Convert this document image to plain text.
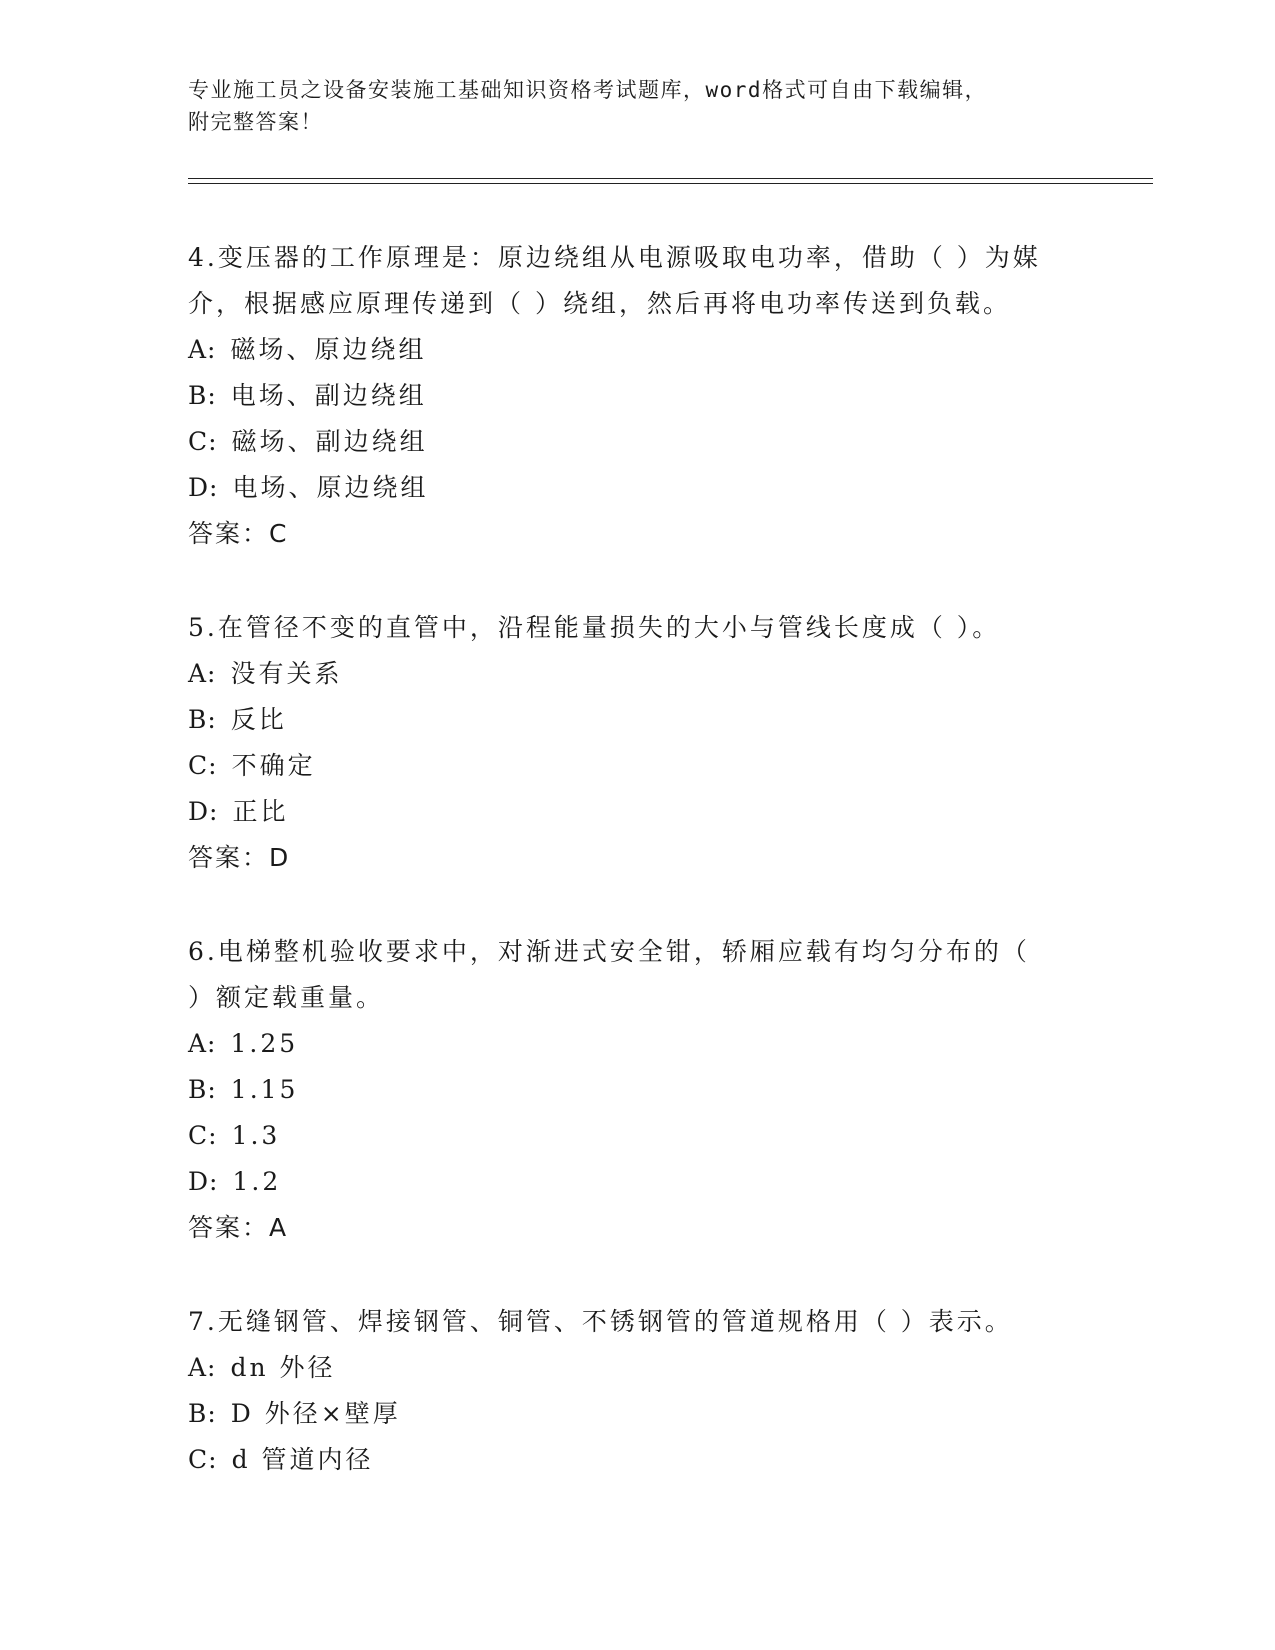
专业施工员之设备安装施工基础知识资格考试题库，word格式可自由下载编辑，
附完整答案！
4.变压器的工作原理是：原边绕组从电源吸取电功率，借助（ ）为媒
介，根据感应原理传递到（ ）绕组，然后再将电功率传送到负载。
A: 磁场、原边绕组
B: 电场、副边绕组
C: 磁场、副边绕组
D: 电场、原边绕组
答案：C
5.在管径不变的直管中，沿程能量损失的大小与管线长度成（ ）。
A: 没有关系
B: 反比
C: 不确定
D: 正比
答案：D
6.电梯整机验收要求中，对渐进式安全钳，轿厢应载有均匀分布的（
）额定载重量。
A: 1.25
B: 1.15
C: 1.3
D: 1.2
答案：A
7.无缝钢管、焊接钢管、铜管、不锈钢管的管道规格用（ ）表示。
A: dn 外径
B: D 外径×壁厚
C: d 管道内径
